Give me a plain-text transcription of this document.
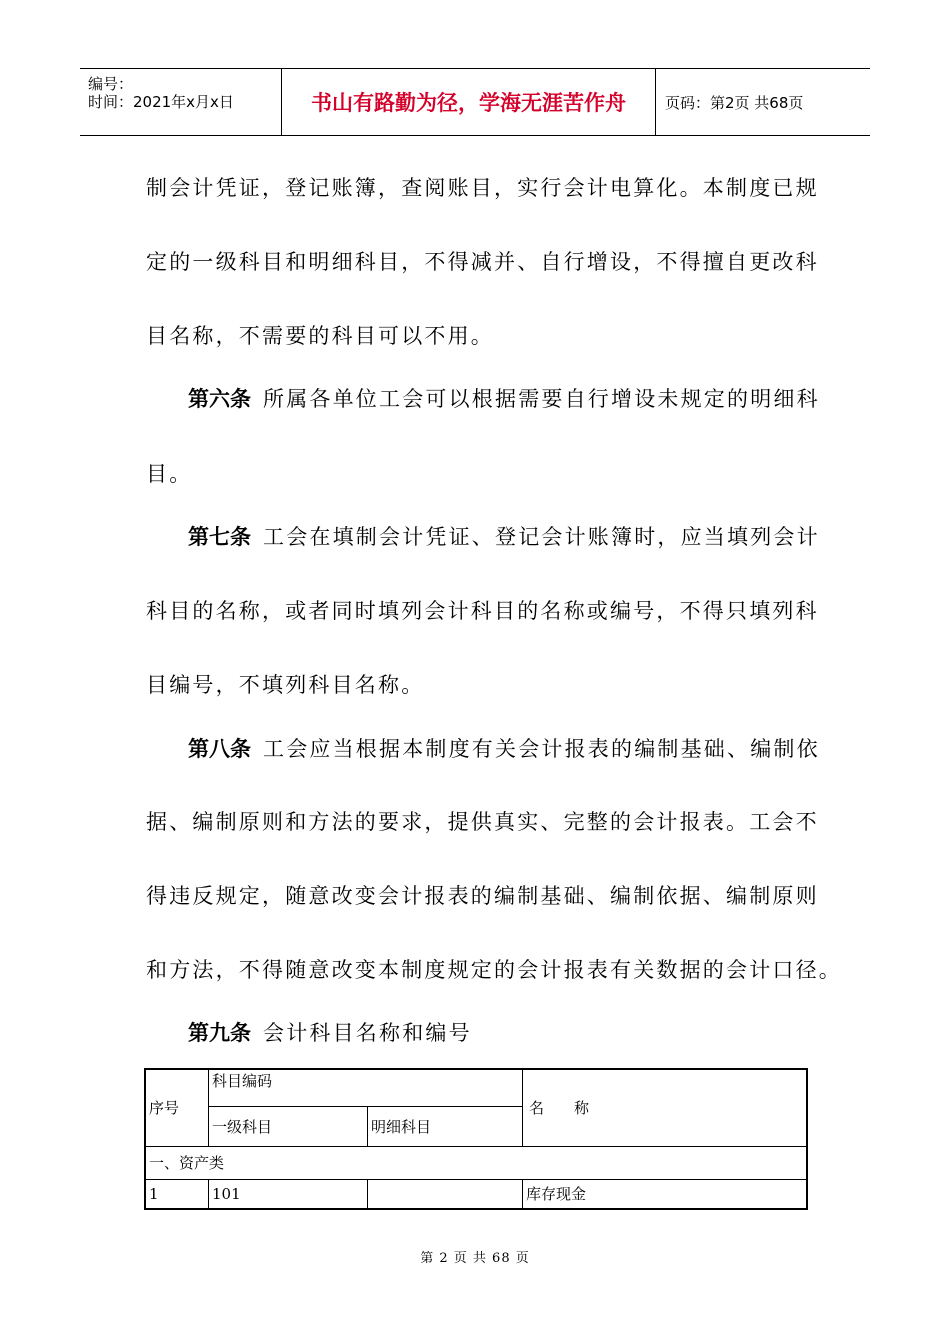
编号：
时间：2021年x月x日	书山有路勤为径，学海无涯苦作舟	页码：第2页 共68页
制会计凭证，登记账簿，查阅账目，实行会计电算化。本制度已规
定的一级科目和明细科目，不得减并、自行增设，不得擅自更改科
目名称，不需要的科目可以不用。
第六条 所属各单位工会可以根据需要自行增设未规定的明细科
目。
第七条 工会在填制会计凭证、登记会计账簿时，应当填列会计
科目的名称，或者同时填列会计科目的名称或编号，不得只填列科
目编号，不填列科目名称。
第八条 工会应当根据本制度有关会计报表的编制基础、编制依
据、编制原则和方法的要求，提供真实、完整的会计报表。工会不
得违反规定，随意改变会计报表的编制基础、编制依据、编制原则
和方法，不得随意改变本制度规定的会计报表有关数据的会计口径。
第九条 会计科目名称和编号
序号	科目编码		名　　称
	一级科目	明细科目	
一、资产类			
1	101		库存现金
第 2 页 共 68 页
